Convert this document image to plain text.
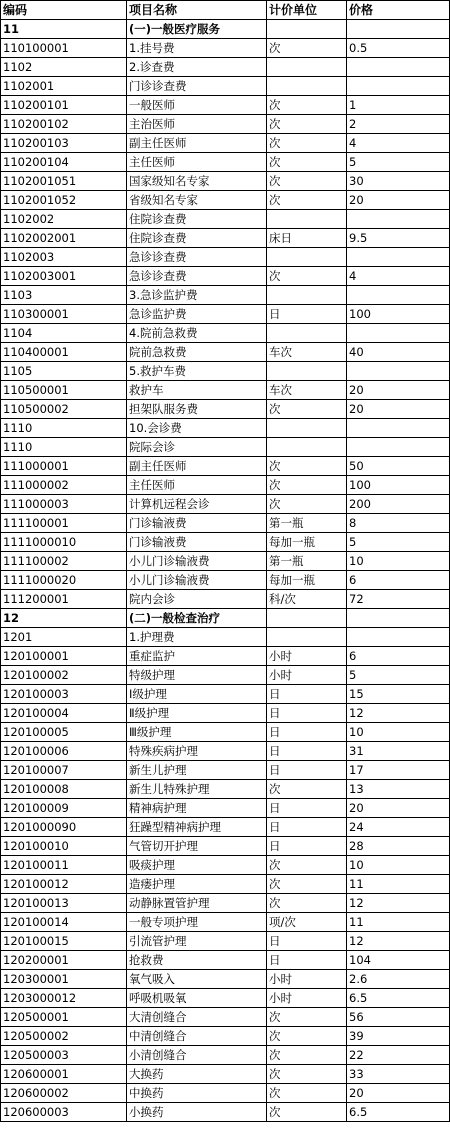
编码	项目名称	计价单位	价格
11	(一)一般医疗服务		
110100001	1.挂号费	次	0.5
1102	2.诊查费		
1102001	门诊诊查费		
110200101	一般医师	次	1
110200102	主治医师	次	2
110200103	副主任医师	次	4
110200104	主任医师	次	5
1102001051	国家级知名专家	次	30
1102001052	省级知名专家	次	20
1102002	住院诊查费		
1102002001	住院诊查费	床日	9.5
1102003	急诊诊查费		
1102003001	急诊诊查费	次	4
1103	3.急诊监护费		
110300001	急诊监护费	日	100
1104	4.院前急救费		
110400001	院前急救费	车次	40
1105	5.救护车费		
110500001	救护车	车次	20
110500002	担架队服务费	次	20
1110	10.会诊费		
1110	院际会诊		
111000001	副主任医师	次	50
111000002	主任医师	次	100
111000003	计算机远程会诊	次	200
111100001	门诊输液费	第一瓶	8
1111000010	门诊输液费	每加一瓶	5
111100002	小儿门诊输液费	第一瓶	10
1111000020	小儿门诊输液费	每加一瓶	6
111200001	院内会诊	科/次	72
12	(二)一般检查治疗		
1201	1.护理费		
120100001	重症监护	小时	6
120100002	特级护理	小时	5
120100003	Ⅰ级护理	日	15
120100004	Ⅱ级护理	日	12
120100005	Ⅲ级护理	日	10
120100006	特殊疾病护理	日	31
120100007	新生儿护理	日	17
120100008	新生儿特殊护理	次	13
120100009	精神病护理	日	20
1201000090	狂躁型精神病护理	日	24
120100010	气管切开护理	日	28
120100011	吸痰护理	次	10
120100012	造瘘护理	次	11
120100013	动静脉置管护理	次	12
120100014	一般专项护理	项/次	11
120100015	引流管护理	日	12
120200001	抢救费	日	104
120300001	氧气吸入	小时	2.6
1203000012	呼吸机吸氧	小时	6.5
120500001	大清创缝合	次	56
120500002	中清创缝合	次	39
120500003	小清创缝合	次	22
120600001	大换药	次	33
120600002	中换药	次	20
120600003	小换药	次	6.5
